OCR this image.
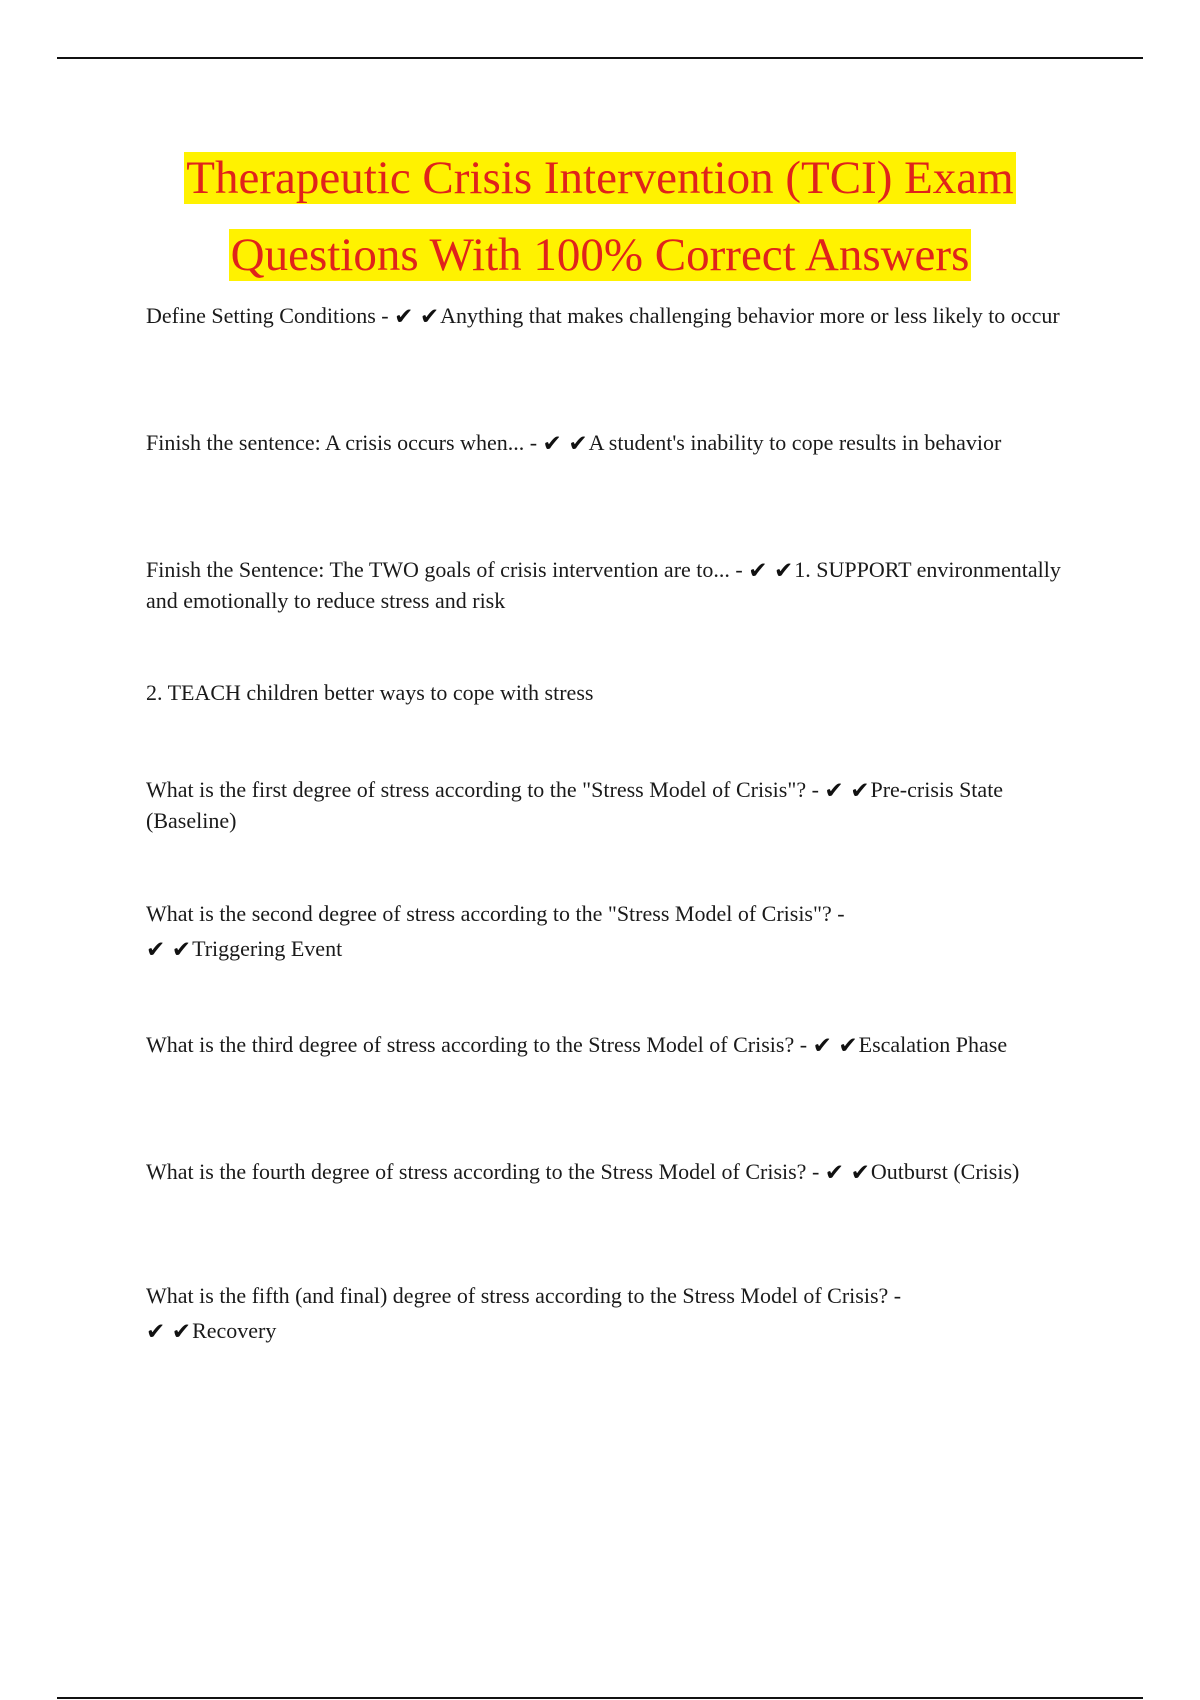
Therapeutic Crisis Intervention (TCI) Exam
Questions With 100% Correct Answers
Define Setting Conditions - ✔ ✔Anything that makes challenging behavior more or less likely to occur
Finish the sentence: A crisis occurs when... - ✔ ✔A student's inability to cope results in behavior
Finish the Sentence: The TWO goals of crisis intervention are to... - ✔ ✔1. SUPPORT environmentally and emotionally to reduce stress and risk
2. TEACH children better ways to cope with stress
What is the first degree of stress according to the "Stress Model of Crisis"? - ✔ ✔Pre-crisis State (Baseline)
What is the second degree of stress according to the "Stress Model of Crisis"? -
✔ ✔Triggering Event
What is the third degree of stress according to the Stress Model of Crisis? - ✔ ✔Escalation Phase
What is the fourth degree of stress according to the Stress Model of Crisis? - ✔ ✔Outburst (Crisis)
What is the fifth (and final) degree of stress according to the Stress Model of Crisis? -
✔ ✔Recovery
